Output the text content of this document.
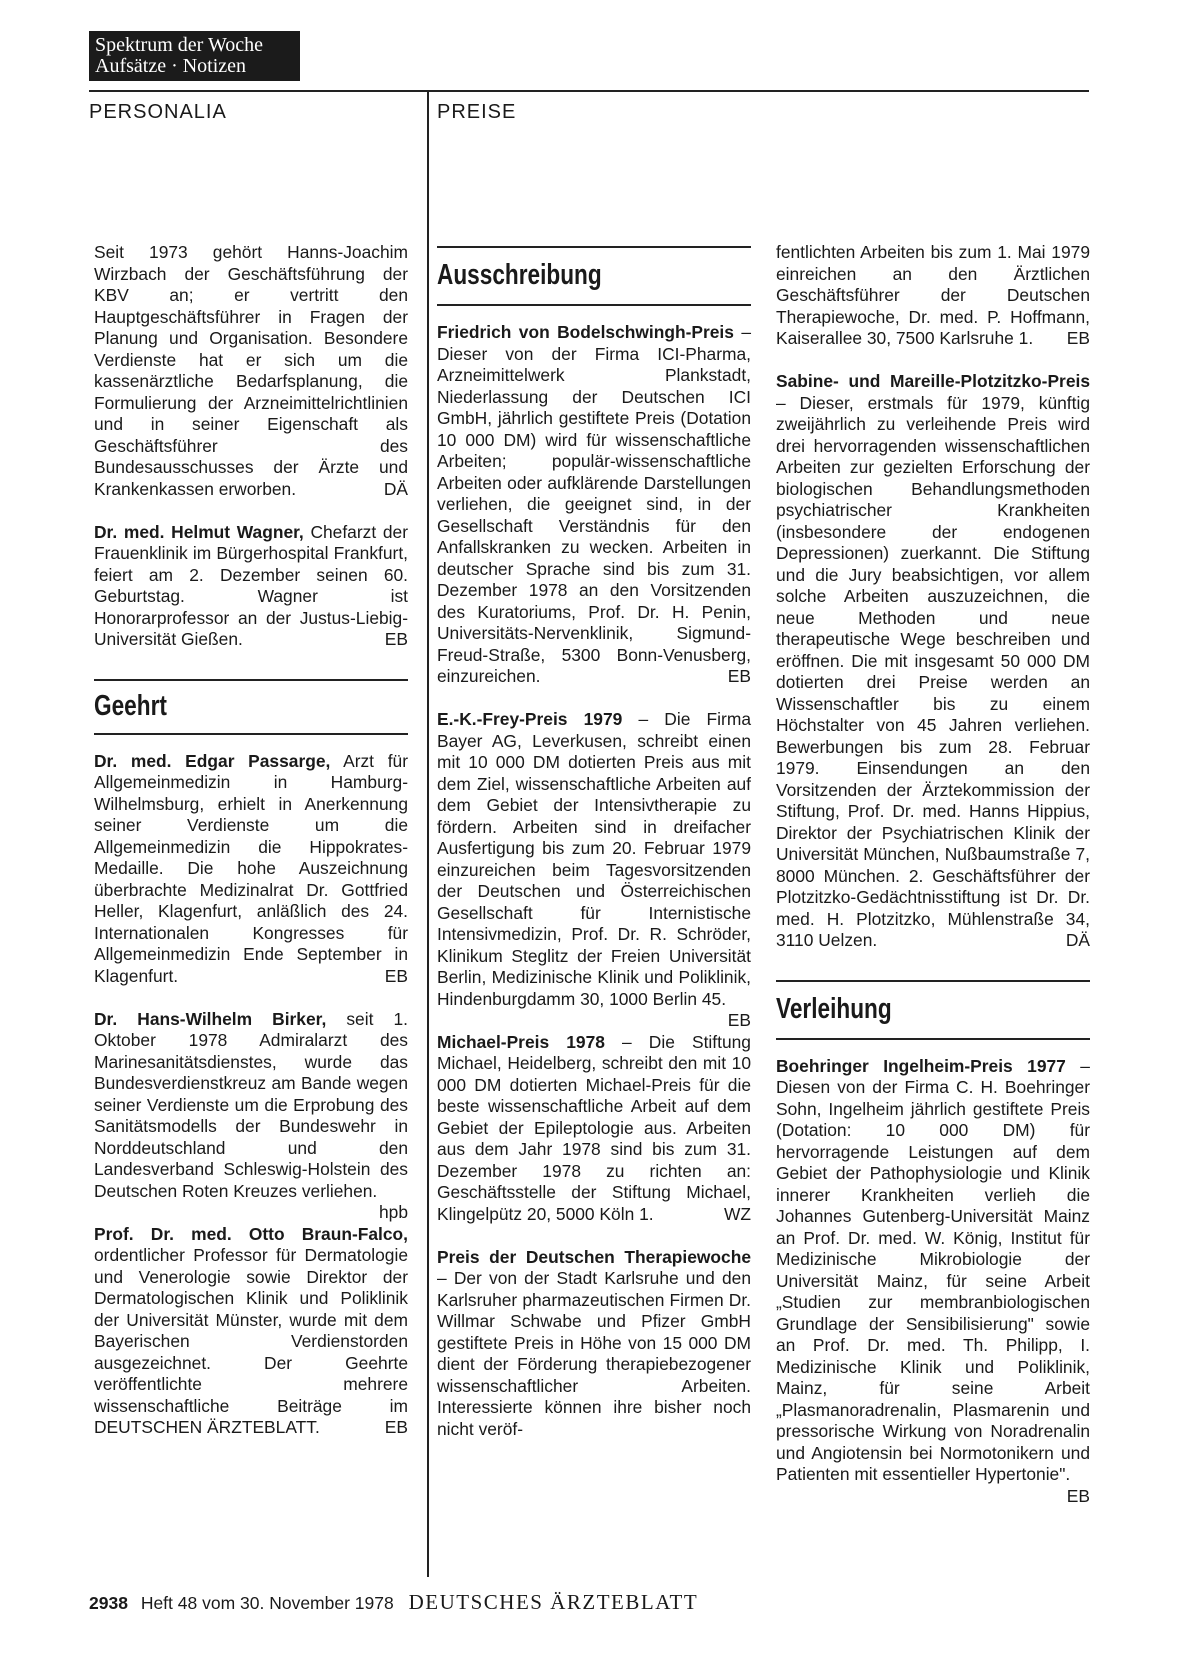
Spektrum der Woche
Aufsätze · Notizen
PERSONALIA	PREISE

Seit 1973 gehört Hanns-Joachim Wirzbach der Geschäftsführung der KBV an; er vertritt den Hauptgeschäftsführer in Fragen der Planung und Organisation. Besondere Verdienste hat er sich um die kassenärztliche Bedarfsplanung, die Formulierung der Arzneimittelrichtlinien und in seiner Eigenschaft als Geschäftsführer des Bundesausschusses der Ärzte und Krankenkassen erworben.	DÄ

Dr. med. Helmut Wagner, Chefarzt der Frauenklinik im Bürgerhospital Frankfurt, feiert am 2. Dezember seinen 60. Geburtstag. Wagner ist Honorarprofessor an der Justus-Liebig-Universität Gießen.	EB

Geehrt

Dr. med. Edgar Passarge, Arzt für Allgemeinmedizin in Hamburg-Wilhelmsburg, erhielt in Anerkennung seiner Verdienste um die Allgemeinmedizin die Hippokrates-Medaille. Die hohe Auszeichnung überbrachte Medizinalrat Dr. Gottfried Heller, Klagenfurt, anläßlich des 24. Internationalen Kongresses für Allgemeinmedizin Ende September in Klagenfurt.	EB

Dr. Hans-Wilhelm Birker, seit 1. Oktober 1978 Admiralarzt des Marinesanitätsdienstes, wurde das Bundesverdienstkreuz am Bande wegen seiner Verdienste um die Erprobung des Sanitätsmodells der Bundeswehr in Norddeutschland und den Landesverband Schleswig-Holstein des Deutschen Roten Kreuzes verliehen.
hpb

Prof. Dr. med. Otto Braun-Falco, ordentlicher Professor für Dermatologie und Venerologie sowie Direktor der Dermatologischen Klinik und Poliklinik der Universität Münster, wurde mit dem Bayerischen Verdienstorden ausgezeichnet. Der Geehrte veröffentlichte mehrere wissenschaftliche Beiträge im DEUTSCHEN ÄRZTEBLATT.	EB

Ausschreibung

Friedrich von Bodelschwingh-Preis – Dieser von der Firma ICI-Pharma, Arzneimittelwerk Plankstadt, Niederlassung der Deutschen ICI GmbH, jährlich gestiftete Preis (Dotation 10 000 DM) wird für wissenschaftliche Arbeiten; populär-wissenschaftliche Arbeiten oder aufklärende Darstellungen verliehen, die geeignet sind, in der Gesellschaft Verständnis für den Anfallskranken zu wecken. Arbeiten in deutscher Sprache sind bis zum 31. Dezember 1978 an den Vorsitzenden des Kuratoriums, Prof. Dr. H. Penin, Universitäts-Nervenklinik, Sigmund-Freud-Straße, 5300 Bonn-Venusberg, einzureichen.	EB

E.-K.-Frey-Preis 1979 – Die Firma Bayer AG, Leverkusen, schreibt einen mit 10 000 DM dotierten Preis aus mit dem Ziel, wissenschaftliche Arbeiten auf dem Gebiet der Intensivtherapie zu fördern. Arbeiten sind in dreifacher Ausfertigung bis zum 20. Februar 1979 einzureichen beim Tagesvorsitzenden der Deutschen und Österreichischen Gesellschaft für Internistische Intensivmedizin, Prof. Dr. R. Schröder, Klinikum Steglitz der Freien Universität Berlin, Medizinische Klinik und Poliklinik, Hindenburgdamm 30, 1000 Berlin 45.
EB

Michael-Preis 1978 – Die Stiftung Michael, Heidelberg, schreibt den mit 10 000 DM dotierten Michael-Preis für die beste wissenschaftliche Arbeit auf dem Gebiet der Epileptologie aus. Arbeiten aus dem Jahr 1978 sind bis zum 31. Dezember 1978 zu richten an: Geschäftsstelle der Stiftung Michael, Klingelpütz 20, 5000 Köln 1.	WZ

Preis der Deutschen Therapiewoche – Der von der Stadt Karlsruhe und den Karlsruher pharmazeutischen Firmen Dr. Willmar Schwabe und Pfizer GmbH gestiftete Preis in Höhe von 15 000 DM dient der Förderung therapiebezogener wissenschaftlicher Arbeiten. Interessierte können ihre bisher noch nicht veröf-

fentlichten Arbeiten bis zum 1. Mai 1979 einreichen an den Ärztlichen Geschäftsführer der Deutschen Therapiewoche, Dr. med. P. Hoffmann, Kaiserallee 30, 7500 Karlsruhe 1.	EB

Sabine- und Mareille-Plotzitzko-Preis – Dieser, erstmals für 1979, künftig zweijährlich zu verleihende Preis wird drei hervorragenden wissenschaftlichen Arbeiten zur gezielten Erforschung der biologischen Behandlungsmethoden psychiatrischer Krankheiten (insbesondere der endogenen Depressionen) zuerkannt. Die Stiftung und die Jury beabsichtigen, vor allem solche Arbeiten auszuzeichnen, die neue Methoden und neue therapeutische Wege beschreiben und eröffnen. Die mit insgesamt 50 000 DM dotierten drei Preise werden an Wissenschaftler bis zu einem Höchstalter von 45 Jahren verliehen. Bewerbungen bis zum 28. Februar 1979. Einsendungen an den Vorsitzenden der Ärztekommission der Stiftung, Prof. Dr. med. Hanns Hippius, Direktor der Psychiatrischen Klinik der Universität München, Nußbaumstraße 7, 8000 München. 2. Geschäftsführer der Plotzitzko-Gedächtnisstiftung ist Dr. Dr. med. H. Plotzitzko, Mühlenstraße 34, 3110 Uelzen.	DÄ

Verleihung

Boehringer Ingelheim-Preis 1977 – Diesen von der Firma C. H. Boehringer Sohn, Ingelheim jährlich gestiftete Preis (Dotation: 10 000 DM) für hervorragende Leistungen auf dem Gebiet der Pathophysiologie und Klinik innerer Krankheiten verlieh die Johannes Gutenberg-Universität Mainz an Prof. Dr. med. W. König, Institut für Medizinische Mikrobiologie der Universität Mainz, für seine Arbeit „Studien zur membranbiologischen Grundlage der Sensibilisierung" sowie an Prof. Dr. med. Th. Philipp, I. Medizinische Klinik und Poliklinik, Mainz, für seine Arbeit „Plasmanoradrenalin, Plasmarenin und pressorische Wirkung von Noradrenalin und Angiotensin bei Normotonikern und Patienten mit essentieller Hypertonie".
EB

2938 Heft 48 vom 30. November 1978 DEUTSCHES ÄRZTEBLATT
